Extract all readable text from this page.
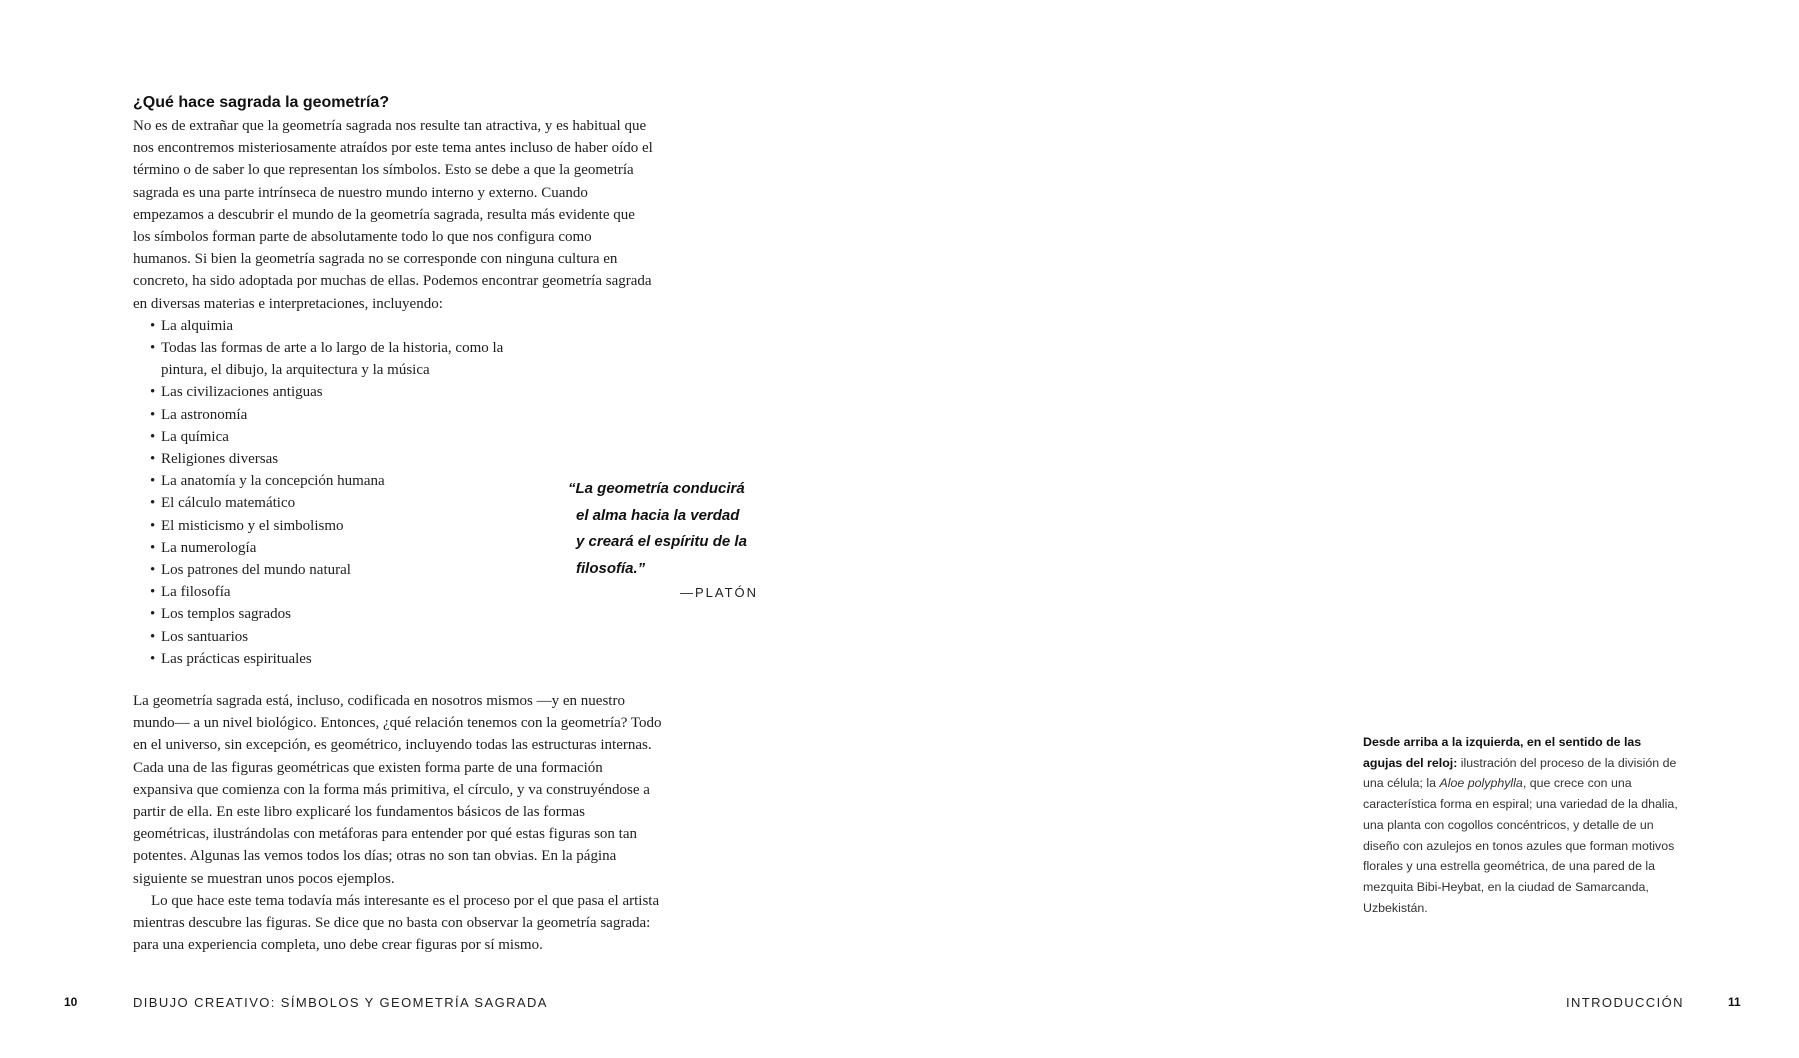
¿Qué hace sagrada la geometría?

No es de extrañar que la geometría sagrada nos resulte tan atractiva, y es habitual que nos encontremos misteriosamente atraídos por este tema antes incluso de haber oído el término o de saber lo que representan los símbolos. Esto se debe a que la geometría sagrada es una parte intrínseca de nuestro mundo interno y externo. Cuando empezamos a descubrir el mundo de la geometría sagrada, resulta más evidente que los símbolos forman parte de absolutamente todo lo que nos configura como humanos. Si bien la geometría sagrada no se corresponde con ninguna cultura en concreto, ha sido adoptada por muchas de ellas. Podemos encontrar geometría sagrada en diversas materias e interpretaciones, incluyendo:

• La alquimia
• Todas las formas de arte a lo largo de la historia, como la pintura, el dibujo, la arquitectura y la música
• Las civilizaciones antiguas
• La astronomía
• La química
• Religiones diversas
• La anatomía y la concepción humana
• El cálculo matemático
• El misticismo y el simbolismo
• La numerología
• Los patrones del mundo natural
• La filosofía
• Los templos sagrados
• Los santuarios
• Las prácticas espirituales
“La geometría conducirá
el alma hacia la verdad
y creará el espíritu de la
filosofía.”
—PLATÓN

La geometría sagrada está, incluso, codificada en nosotros mismos —y en nuestro mundo— a un nivel biológico. Entonces, ¿qué relación tenemos con la geometría? Todo en el universo, sin excepción, es geométrico, incluyendo todas las estructuras internas. Cada una de las figuras geométricas que existen forma parte de una formación expansiva que comienza con la forma más primitiva, el círculo, y va construyéndose a partir de ella. En este libro explicaré los fundamentos básicos de las formas geométricas, ilustrándolas con metáforas para entender por qué estas figuras son tan potentes. Algunas las vemos todos los días; otras no son tan obvias. En la página siguiente se muestran unos pocos ejemplos.

Lo que hace este tema todavía más interesante es el proceso por el que pasa el artista mientras descubre las figuras. Se dice que no basta con observar la geometría sagrada: para una experiencia completa, uno debe crear figuras por sí mismo.

Desde arriba a la izquierda, en el sentido de las agujas del reloj: ilustración del proceso de la división de una célula; la Aloe polyphylla, que crece con una característica forma en espiral; una variedad de la dhalia, una planta con cogollos concéntricos, y detalle de un diseño con azulejos en tonos azules que forman motivos florales y una estrella geométrica, de una pared de la mezquita Bibi-Heybat, en la ciudad de Samarcanda, Uzbekistán.
10	DIBUJO CREATIVO: SÍMBOLOS Y GEOMETRÍA SAGRADA	INTRODUCCIÓN	11
